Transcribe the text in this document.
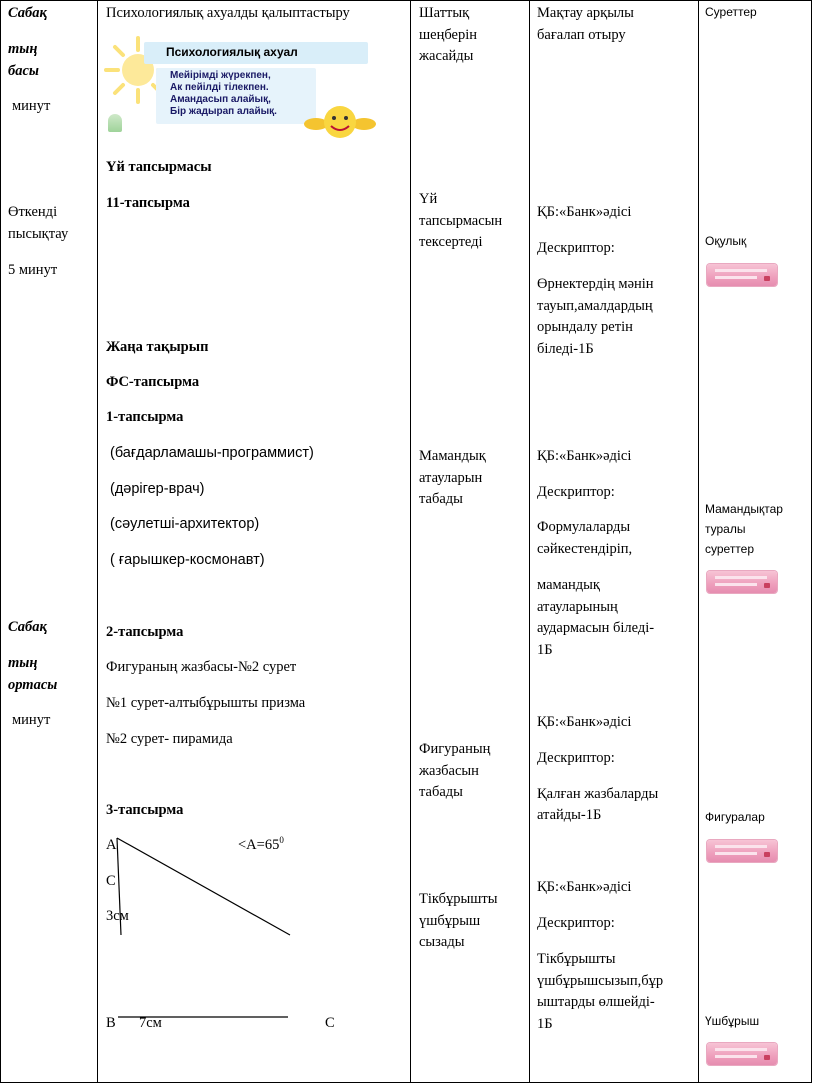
Сабақ
тың
басы
минут
Өткенді
пысықтау
5 минут
Сабақ
тың
ортасы
минут
Психологиялық ахуалды қалыптастыру
Психологиялық ахуал
Мейірімді жүрекпен,
Ак пейілді тілекпен.
Амандасып алайық,
Бір жадырап алайық.
Үй тапсырмасы
11-тапсырма
Жаңа тақырып
ФС-тапсырма
1-тапсырма
(бағдарламашы-программист)
(дәрігер-врач)
(сәулетші-архитектор)
( ғарышкер-космонавт)
2-тапсырма
Фигураның жазбасы-№2 сурет
№1 сурет-алтыбұрышты призма
№2 сурет- пирамида
3-тапсырма
A	$<A=65^0$
C
3см
B 7см	C
Шаттық
шеңберін
жасайды
Үй
тапсырмасын
тексертеді
Мамандық
атауларын
табады
Фигураның
жазбасын
табады
Тікбұрышты
үшбұрыш
сызады
Мақтау арқылы
бағалап отыру
ҚБ:«Банк»әдісі
Дескриптор:
Өрнектердің мәнін
тауып,амалдардың
орындалу ретін
біледі-1Б
ҚБ:«Банк»әдісі
Дескриптор:
Формулаларды
сәйкестендіріп,
мамандық
атауларының
аудармасын біледі-
1Б
ҚБ:«Банк»әдісі
Дескриптор:
Қалған жазбаларды
атайды-1Б
ҚБ:«Банк»әдісі
Дескриптор:
Тікбұрышты
үшбұрышсызып,бұр
ыштарды өлшейді-
1Б
Суреттер
Оқулық
Мамандықтар
туралы
суреттер
Фигуралар
Үшбұрыш
